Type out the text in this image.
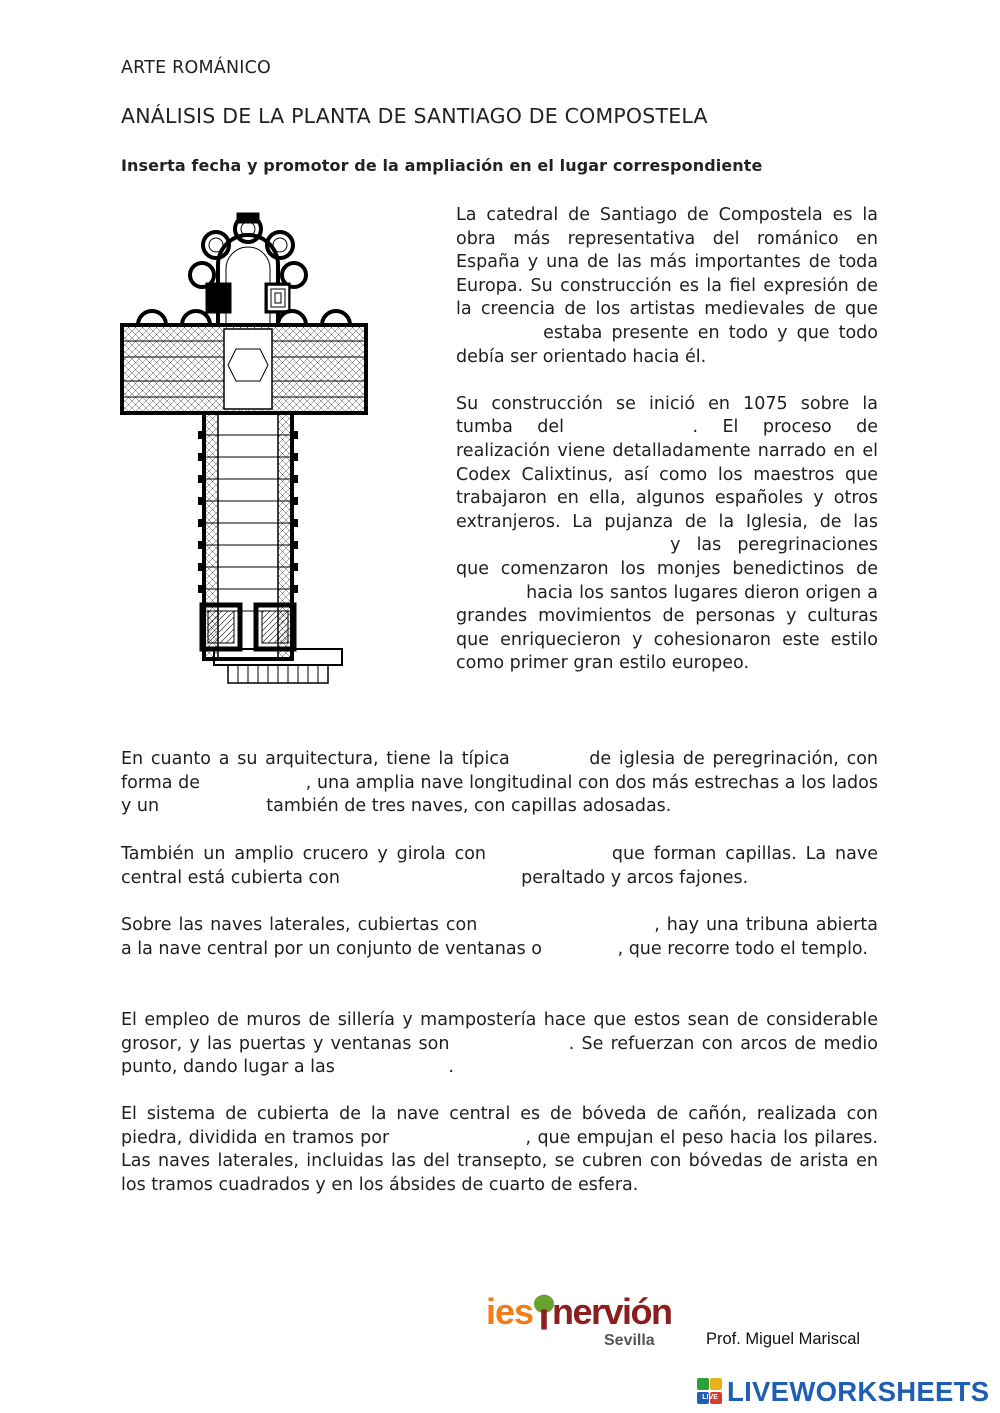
ARTE ROMÁNICO
ANÁLISIS DE LA PLANTA DE SANTIAGO DE COMPOSTELA
Inserta fecha y promotor de la ampliación en el lugar correspondiente

La catedral de Santiago de Compostela es la obra más representativa del románico en España y una de las más importantes de toda Europa. Su construcción es la fiel expresión de la creencia de los artistas medievales de que  estaba presente en todo y que todo debía ser orientado hacia él.

Su construcción se inició en 1075 sobre la tumba del	. El proceso de realización viene detalladamente narrado en el Codex Calixtinus, así como los maestros que trabajaron en ella, algunos españoles y otros extranjeros. La pujanza de la Iglesia, de las  y las peregrinaciones que comenzaron los monjes benedictinos de  hacia los santos lugares dieron origen a grandes movimientos de personas y culturas que enriquecieron y cohesionaron este estilo como primer gran estilo europeo.

En cuanto a su arquitectura, tiene la típica	de iglesia de peregrinación, con forma de	, una amplia nave longitudinal con dos más estrechas a los lados y un	también de tres naves, con capillas adosadas.

También un amplio crucero y girola con	que forman capillas. La nave central está cubierta con	peraltado y arcos fajones.

Sobre las naves laterales, cubiertas con	, hay una tribuna abierta a la nave central por un conjunto de ventanas o	, que recorre todo el templo.

El empleo de muros de sillería y mampostería hace que estos sean de considerable grosor, y las puertas y ventanas son	. Se refuerzan con arcos de medio punto, dando lugar a las	.

El sistema de cubierta de la nave central es de bóveda de cañón, realizada con piedra, dividida en tramos por	, que empujan el peso hacia los pilares. Las naves laterales, incluidas las del transepto, se cubren con bóvedas de arista en los tramos cuadrados y en los ábsides de cuarto de esfera.

ies nervión
Sevilla	Prof. Miguel Mariscal
LIVE LIVEWORKSHEETS
